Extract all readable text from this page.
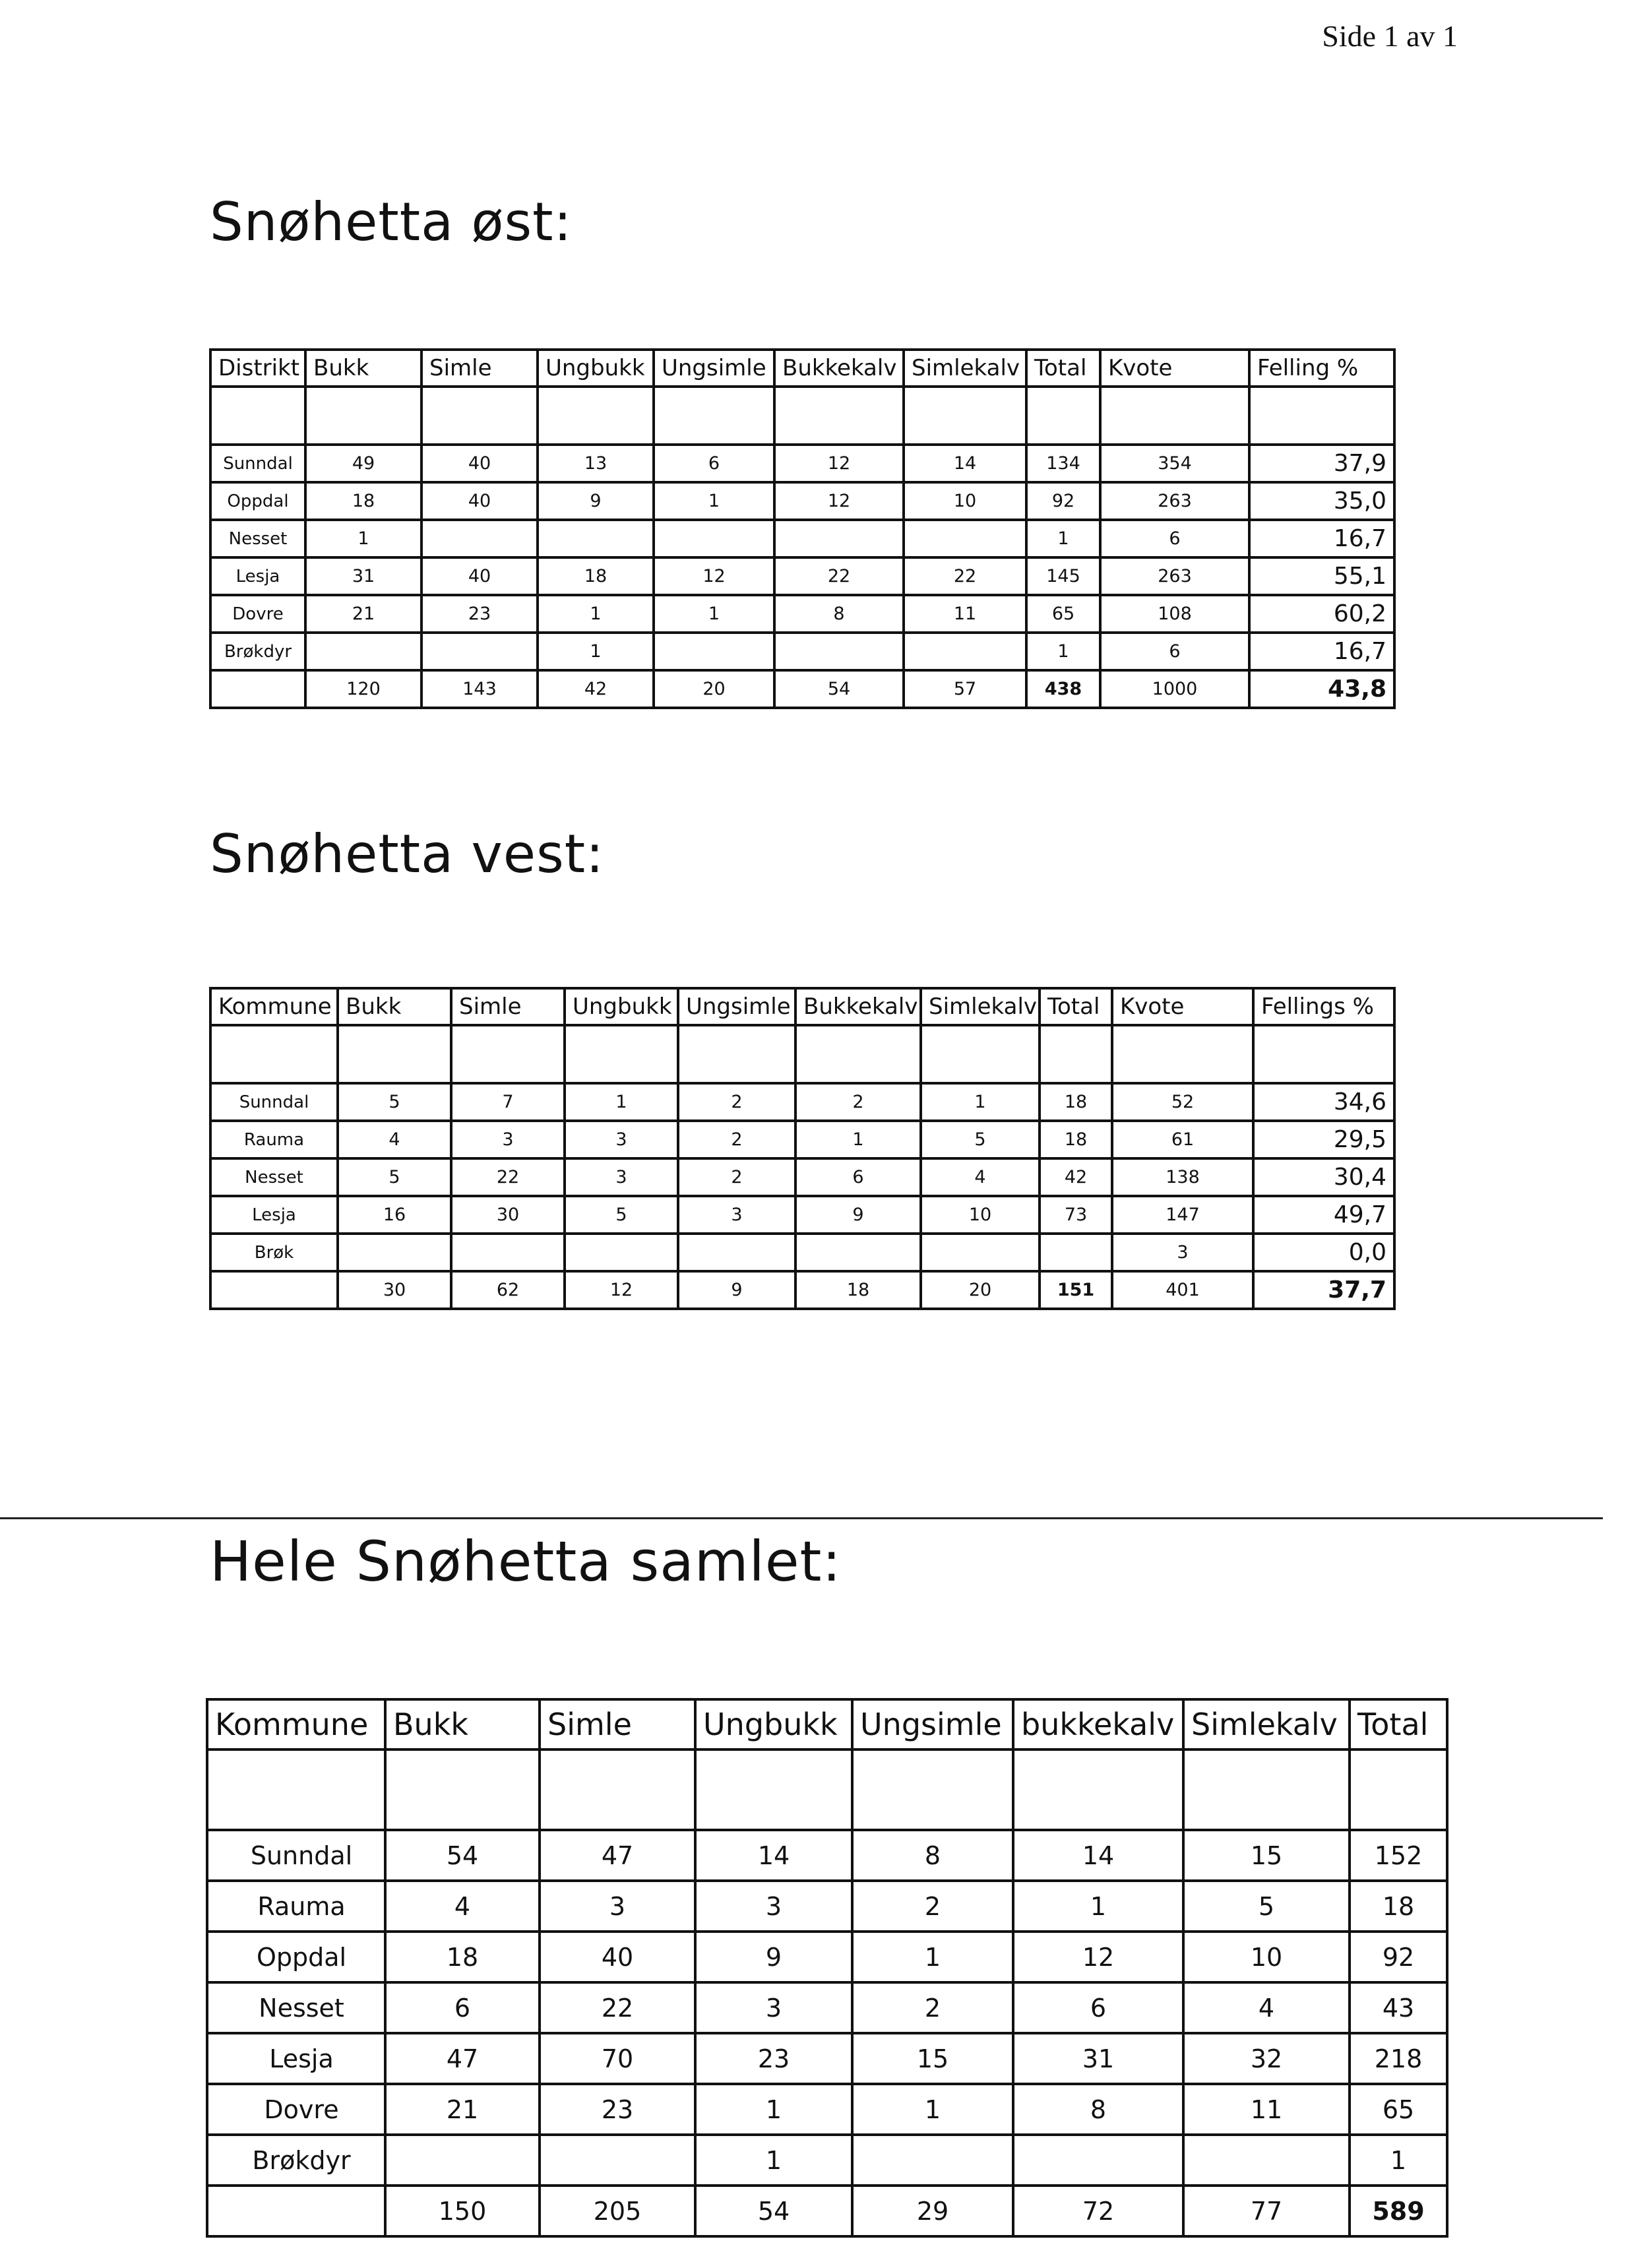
Side 1 av 1
Snøhetta øst:
Distrikt	Bukk	Simle	Ungbukk	Ungsimle	Bukkekalv	Simlekalv	Total	Kvote	Felling %

Sunndal	49	40	13	6	12	14	134	354	37,9
Oppdal	18	40	9	1	12	10	92	263	35,0
Nesset	1						1	6	16,7
Lesja	31	40	18	12	22	22	145	263	55,1
Dovre	21	23	1	1	8	11	65	108	60,2
Brøkdyr			1				1	6	16,7
	120	143	42	20	54	57	438	1000	43,8
Snøhetta vest:
Kommune	Bukk	Simle	Ungbukk	Ungsimle	Bukkekalv	Simlekalv	Total	Kvote	Fellings %

Sunndal	5	7	1	2	2	1	18	52	34,6
Rauma	4	3	3	2	1	5	18	61	29,5
Nesset	5	22	3	2	6	4	42	138	30,4
Lesja	16	30	5	3	9	10	73	147	49,7
Brøk								3	0,0
	30	62	12	9	18	20	151	401	37,7
Hele Snøhetta samlet:
Kommune	Bukk	Simle	Ungbukk	Ungsimle	bukkekalv	Simlekalv	Total

Sunndal	54	47	14	8	14	15	152
Rauma	4	3	3	2	1	5	18
Oppdal	18	40	9	1	12	10	92
Nesset	6	22	3	2	6	4	43
Lesja	47	70	23	15	31	32	218
Dovre	21	23	1	1	8	11	65
Brøkdyr			1				1
	150	205	54	29	72	77	589
